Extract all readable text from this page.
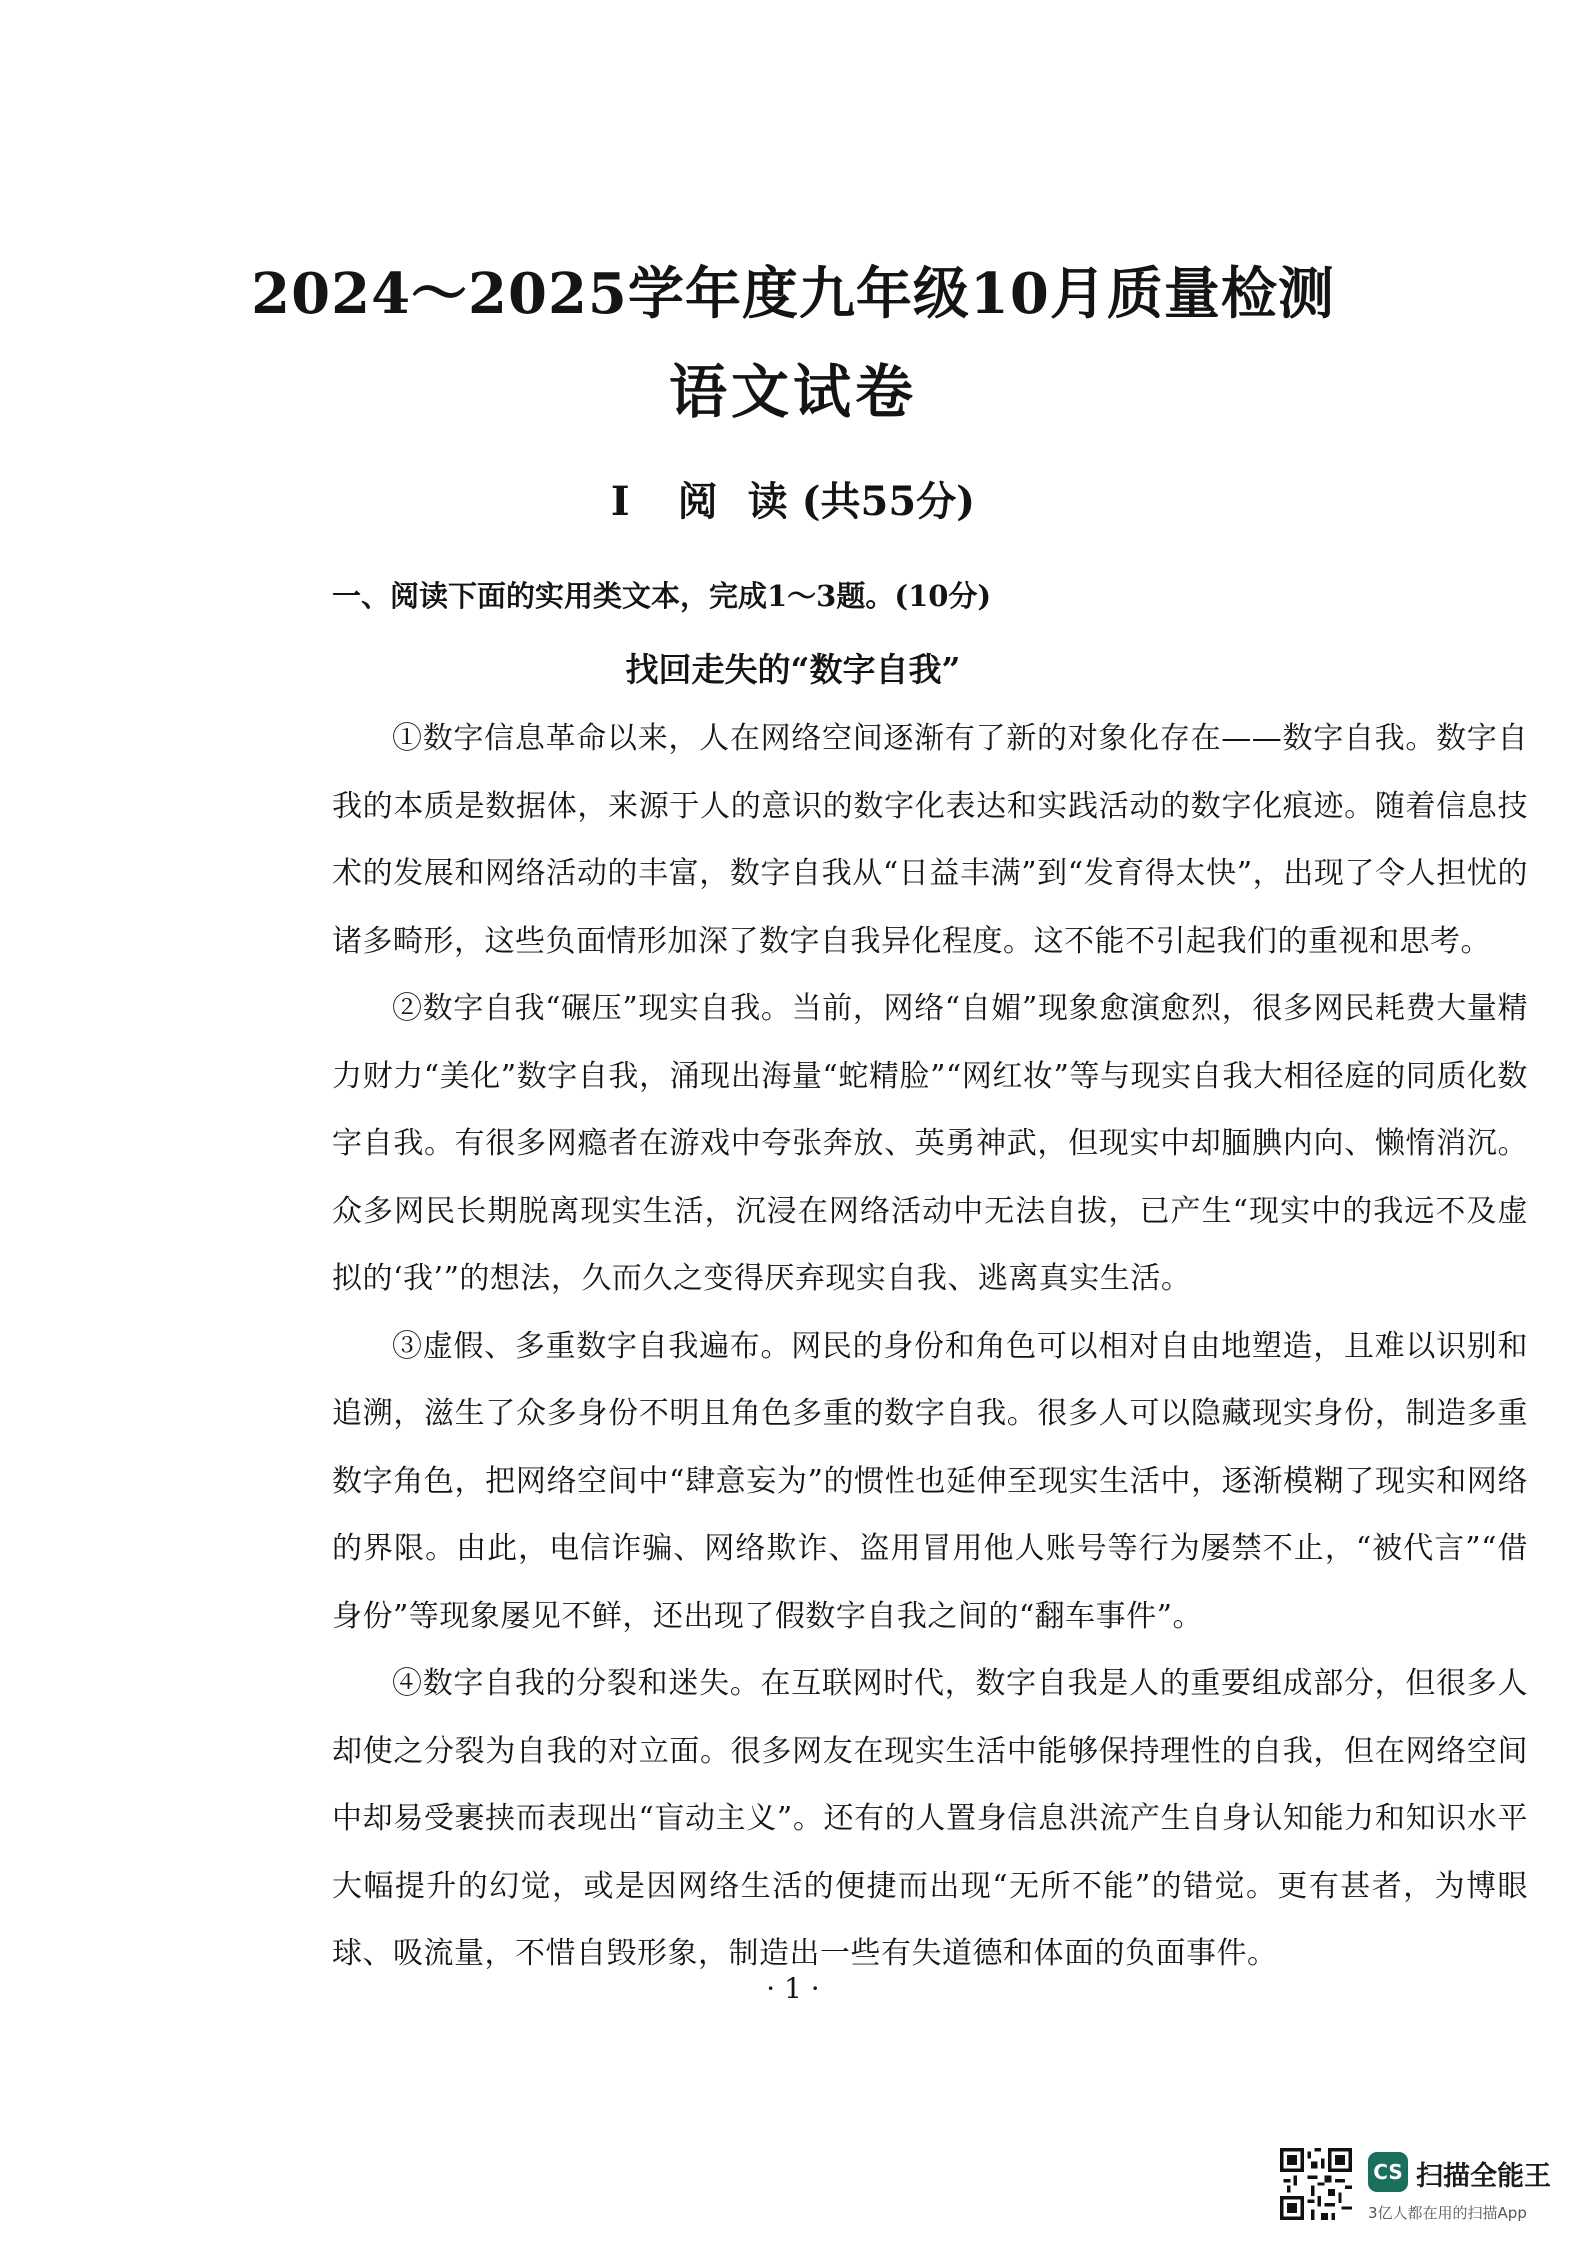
2024～2025学年度九年级10月质量检测
语文试卷
Ⅰ 阅 读 (共55分)

一、阅读下面的实用类文本，完成1～3题。(10分)

找回走失的“数字自我”

①数字信息革命以来，人在网络空间逐渐有了新的对象化存在——数字自我。数字自我的本质是数据体，来源于人的意识的数字化表达和实践活动的数字化痕迹。随着信息技术的发展和网络活动的丰富，数字自我从“日益丰满”到“发育得太快”，出现了令人担忧的诸多畸形，这些负面情形加深了数字自我异化程度。这不能不引起我们的重视和思考。

②数字自我“碾压”现实自我。当前，网络“自媚”现象愈演愈烈，很多网民耗费大量精力财力“美化”数字自我，涌现出海量“蛇精脸”“网红妆”等与现实自我大相径庭的同质化数字自我。有很多网瘾者在游戏中夸张奔放、英勇神武，但现实中却腼腆内向、懒惰消沉。众多网民长期脱离现实生活，沉浸在网络活动中无法自拔，已产生“现实中的我远不及虚拟的‘我’”的想法，久而久之变得厌弃现实自我、逃离真实生活。

③虚假、多重数字自我遍布。网民的身份和角色可以相对自由地塑造，且难以识别和追溯，滋生了众多身份不明且角色多重的数字自我。很多人可以隐藏现实身份，制造多重数字角色，把网络空间中“肆意妄为”的惯性也延伸至现实生活中，逐渐模糊了现实和网络的界限。由此，电信诈骗、网络欺诈、盗用冒用他人账号等行为屡禁不止，“被代言”“借身份”等现象屡见不鲜，还出现了假数字自我之间的“翻车事件”。

④数字自我的分裂和迷失。在互联网时代，数字自我是人的重要组成部分，但很多人却使之分裂为自我的对立面。很多网友在现实生活中能够保持理性的自我，但在网络空间中却易受裹挟而表现出“盲动主义”。还有的人置身信息洪流产生自身认知能力和知识水平大幅提升的幻觉，或是因网络生活的便捷而出现“无所不能”的错觉。更有甚者，为博眼球、吸流量，不惜自毁形象，制造出一些有失道德和体面的负面事件。

· 1 ·

CS 扫描全能王
3亿人都在用的扫描App
